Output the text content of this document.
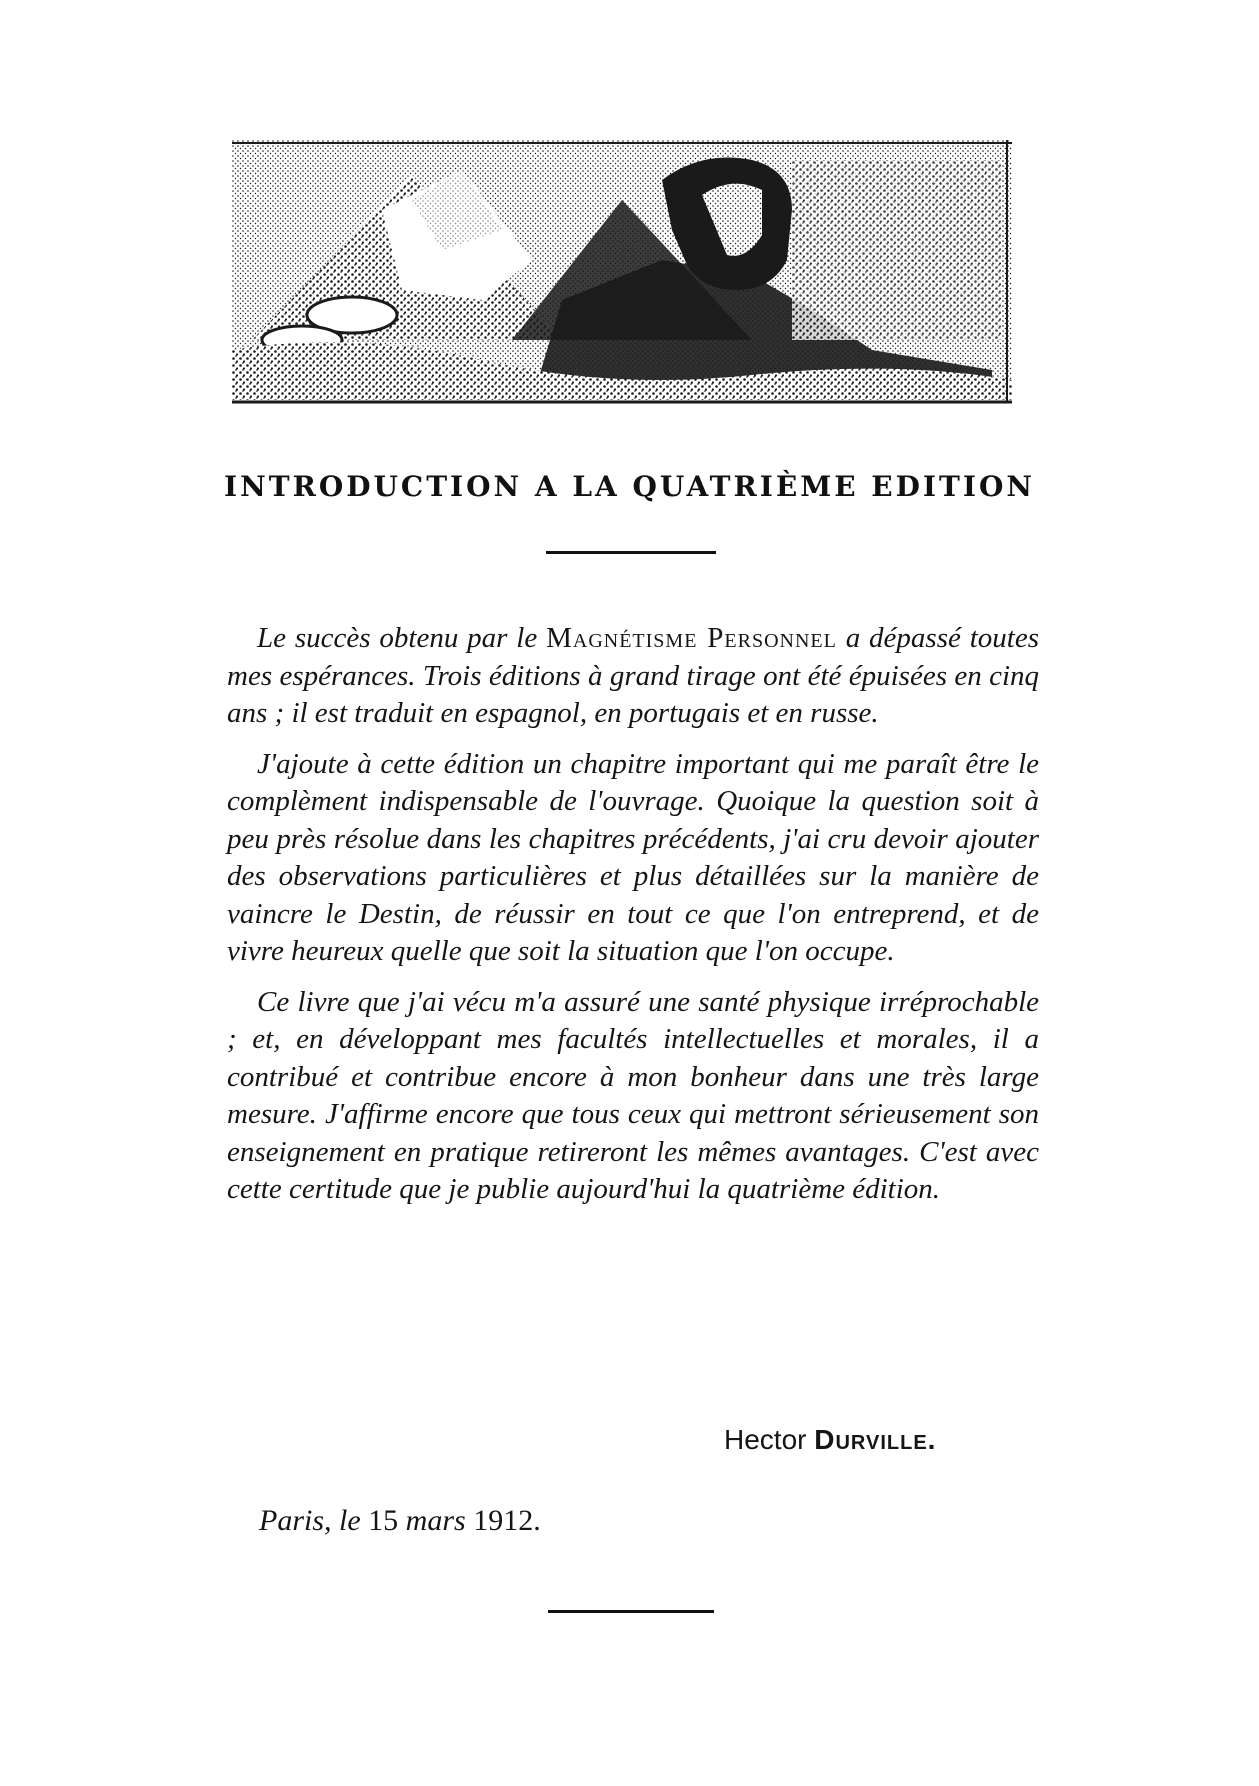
INTRODUCTION A LA QUATRIÈME EDITION

Le succès obtenu par le Magnétisme Personnel a dépassé toutes mes espérances. Trois éditions à grand tirage ont été épuisées en cinq ans ; il est traduit en espagnol, en portugais et en russe.

J'ajoute à cette édition un chapitre important qui me paraît être le complèment indispensable de l'ouvrage. Quoique la question soit à peu près résolue dans les chapitres précédents, j'ai cru devoir ajouter des observations particulières et plus détaillées sur la manière de vaincre le Destin, de réussir en tout ce que l'on entreprend, et de vivre heureux quelle que soit la situation que l'on occupe.

Ce livre que j'ai vécu m'a assuré une santé physique irréprochable ; et, en développant mes facultés intellectuelles et morales, il a contribué et contribue encore à mon bonheur dans une très large mesure. J'affirme encore que tous ceux qui mettront sérieusement son enseignement en pratique retireront les mêmes avantages. C'est avec cette certitude que je publie aujourd'hui la quatrième édition.

Hector Durville.
Paris, le 15 mars 1912.
